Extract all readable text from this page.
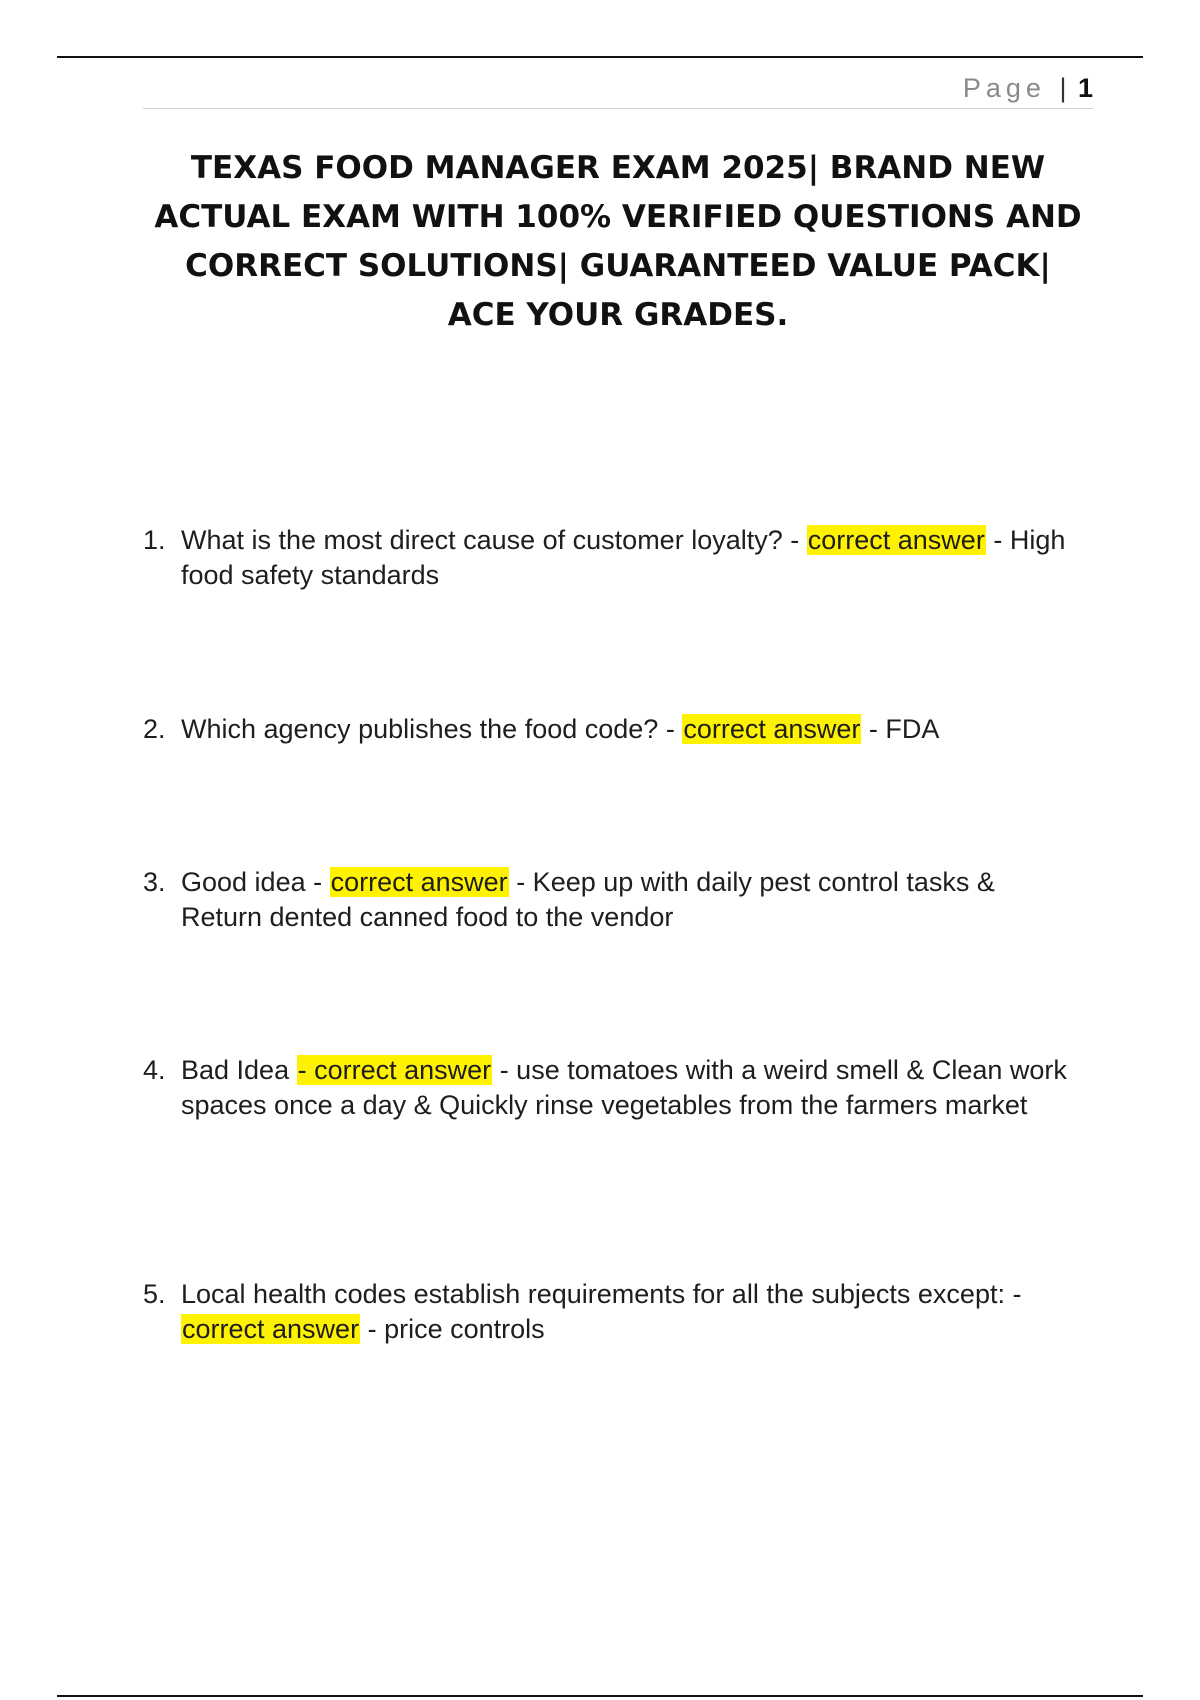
Page | 1
TEXAS FOOD MANAGER EXAM 2025| BRAND NEW ACTUAL EXAM WITH 100% VERIFIED QUESTIONS AND CORRECT SOLUTIONS| GUARANTEED VALUE PACK| ACE YOUR GRADES.
1. What is the most direct cause of customer loyalty? - correct answer - High food safety standards
2. Which agency publishes the food code? - correct answer - FDA
3. Good idea - correct answer - Keep up with daily pest control tasks & Return dented canned food to the vendor
4. Bad Idea - correct answer - use tomatoes with a weird smell & Clean work spaces once a day & Quickly rinse vegetables from the farmers market
5. Local health codes establish requirements for all the subjects except: - correct answer - price controls
